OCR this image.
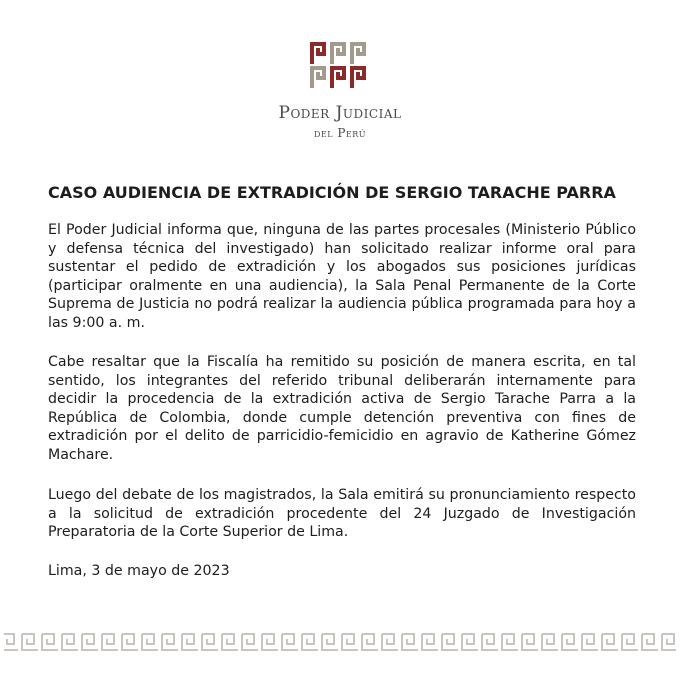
Poder Judicial
del Perú
CASO AUDIENCIA DE EXTRADICIÓN DE SERGIO TARACHE PARRA

El Poder Judicial informa que, ninguna de las partes procesales (Ministerio Público y defensa técnica del investigado) han solicitado realizar informe oral para sustentar el pedido de extradición y los abogados sus posiciones jurídicas (participar oralmente en una audiencia), la Sala Penal Permanente de la Corte Suprema de Justicia no podrá realizar la audiencia pública programada para hoy a las 9:00 a. m.

Cabe resaltar que la Fiscalía ha remitido su posición de manera escrita, en tal sentido, los integrantes del referido tribunal deliberarán internamente para decidir la procedencia de la extradición activa de Sergio Tarache Parra a la República de Colombia, donde cumple detención preventiva con fines de extradición por el delito de parricidio-femicidio en agravio de Katherine Gómez Machare.

Luego del debate de los magistrados, la Sala emitirá su pronunciamiento respecto a la solicitud de extradición procedente del 24 Juzgado de Investigación Preparatoria de la Corte Superior de Lima.

Lima, 3 de mayo de 2023
